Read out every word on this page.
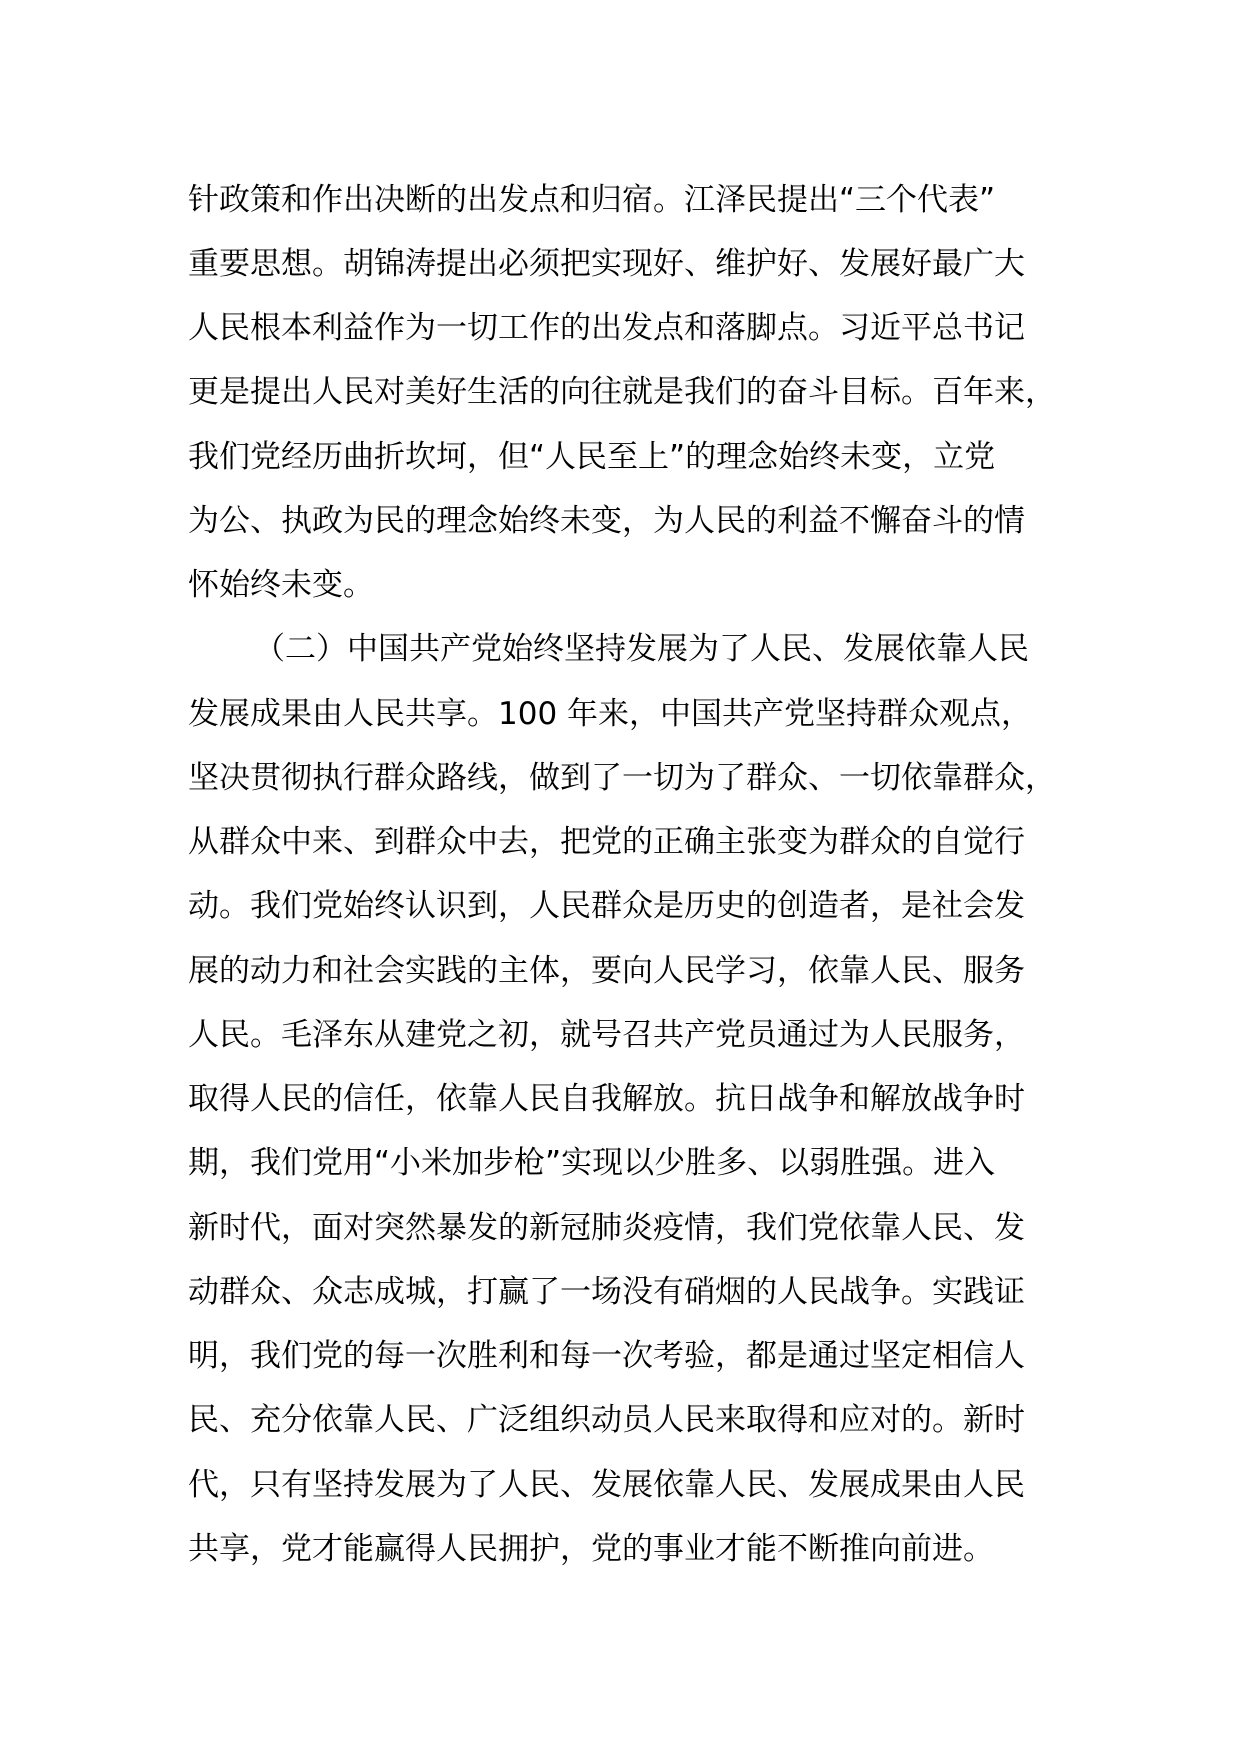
针政策和作出决断的出发点和归宿。江泽民提出“三个代表”
重要思想。胡锦涛提出必须把实现好、维护好、发展好最广大
人民根本利益作为一切工作的出发点和落脚点。习近平总书记
更是提出人民对美好生活的向往就是我们的奋斗目标。百年来，
我们党经历曲折坎坷，但“人民至上”的理念始终未变，立党
为公、执政为民的理念始终未变，为人民的利益不懈奋斗的情
怀始终未变。
（二）中国共产党始终坚持发展为了人民、发展依靠人民
发展成果由人民共享。100 年来，中国共产党坚持群众观点，
坚决贯彻执行群众路线，做到了一切为了群众、一切依靠群众，
从群众中来、到群众中去，把党的正确主张变为群众的自觉行
动。我们党始终认识到，人民群众是历史的创造者，是社会发
展的动力和社会实践的主体，要向人民学习，依靠人民、服务
人民。毛泽东从建党之初，就号召共产党员通过为人民服务，
取得人民的信任，依靠人民自我解放。抗日战争和解放战争时
期，我们党用“小米加步枪”实现以少胜多、以弱胜强。进入
新时代，面对突然暴发的新冠肺炎疫情，我们党依靠人民、发
动群众、众志成城，打赢了一场没有硝烟的人民战争。实践证
明，我们党的每一次胜利和每一次考验，都是通过坚定相信人
民、充分依靠人民、广泛组织动员人民来取得和应对的。新时
代，只有坚持发展为了人民、发展依靠人民、发展成果由人民
共享，党才能赢得人民拥护，党的事业才能不断推向前进。
